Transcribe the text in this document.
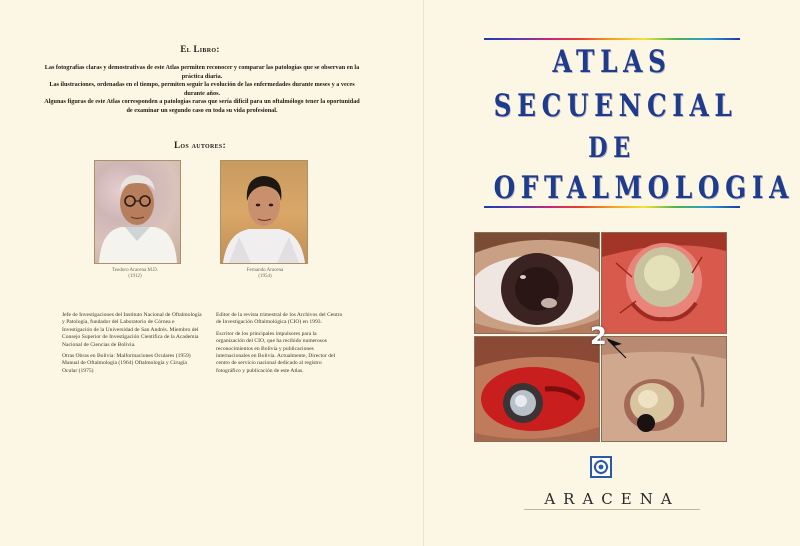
El Libro:

Las fotografías claras y demostrativas de este Atlas permiten reconocer y comparar las patologías que se observan en la práctica diaria.

Las ilustraciones, ordenadas en el tiempo, permiten seguir la evolución de las enfermedades durante meses y a veces durante años.

Algunas figuras de este Atlas corresponden a patologías raras que sería difícil para un oftalmólogo tener la oportunidad de examinar un segundo caso en toda su vida profesional.

Los autores:
Teodoro Aracena M.D.
(1912)
Fernando Aracena
(1954)

Jefe de Investigaciones del Instituto Nacional de Oftalmología y Patología, fundador del Laboratorio de Córnea e Investigación de la Universidad de San Andrés. Miembro del Consejo Superior de Investigación Científica de la Academia Nacional de Ciencias de Bolivia.

Otras Obras en Bolivia: Malformaciones Oculares (1959) Manual de Oftalmología (1964) Oftalmología y Cirugía Ocular (1975)

Editor de la revista trimestral de los Archivos del Centro de Investigación Oftalmológica (CIO) en 1993.

Escritor de los principales impulsores para la organización del CIO, que ha recibido numerosos reconocimientos en Bolivia y publicaciones internacionales en Bolivia. Actualmente, Director del centro de servicio nacional dedicado al registro fotográfico y publicación de este Atlas.

ATLAS
SECUENCIAL
DE
OFTALMOLOGIA
2
ARACENA
